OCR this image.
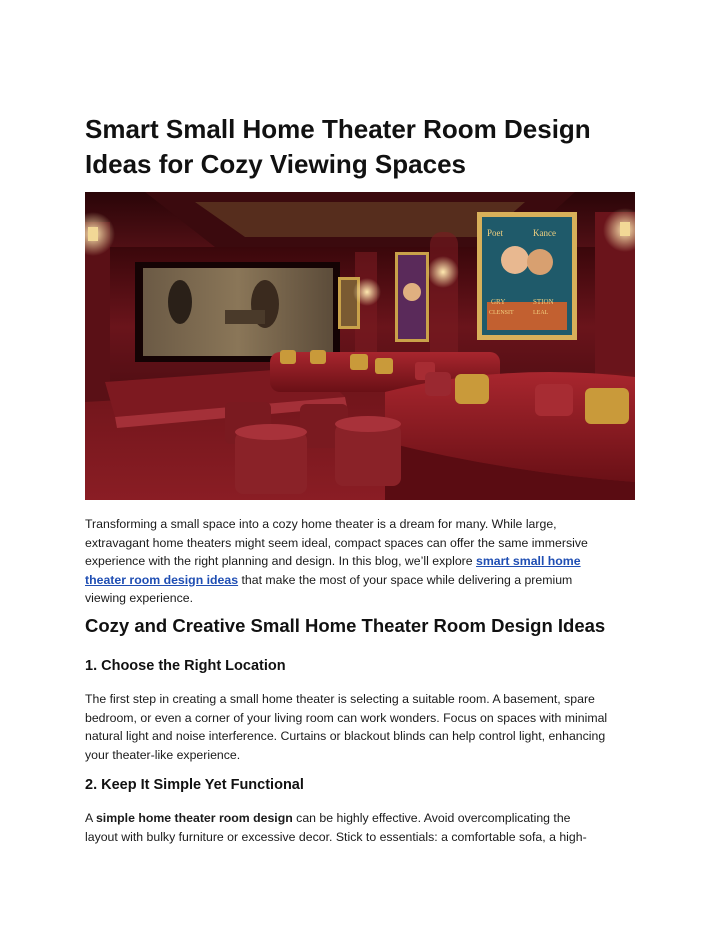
Smart Small Home Theater Room Design
Ideas for Cozy Viewing Spaces
Poet	Kance
GRY	STION
CLENSIT	LEAL
Transforming a small space into a cozy home theater is a dream for many. While large,
extravagant home theaters might seem ideal, compact spaces can offer the same immersive
experience with the right planning and design. In this blog, we’ll explore smart small home
theater room design ideas that make the most of your space while delivering a premium
viewing experience.
Cozy and Creative Small Home Theater Room Design Ideas
1. Choose the Right Location
The first step in creating a small home theater is selecting a suitable room. A basement, spare
bedroom, or even a corner of your living room can work wonders. Focus on spaces with minimal
natural light and noise interference. Curtains or blackout blinds can help control light, enhancing
your theater-like experience.
2. Keep It Simple Yet Functional
A simple home theater room design can be highly effective. Avoid overcomplicating the
layout with bulky furniture or excessive decor. Stick to essentials: a comfortable sofa, a high-
